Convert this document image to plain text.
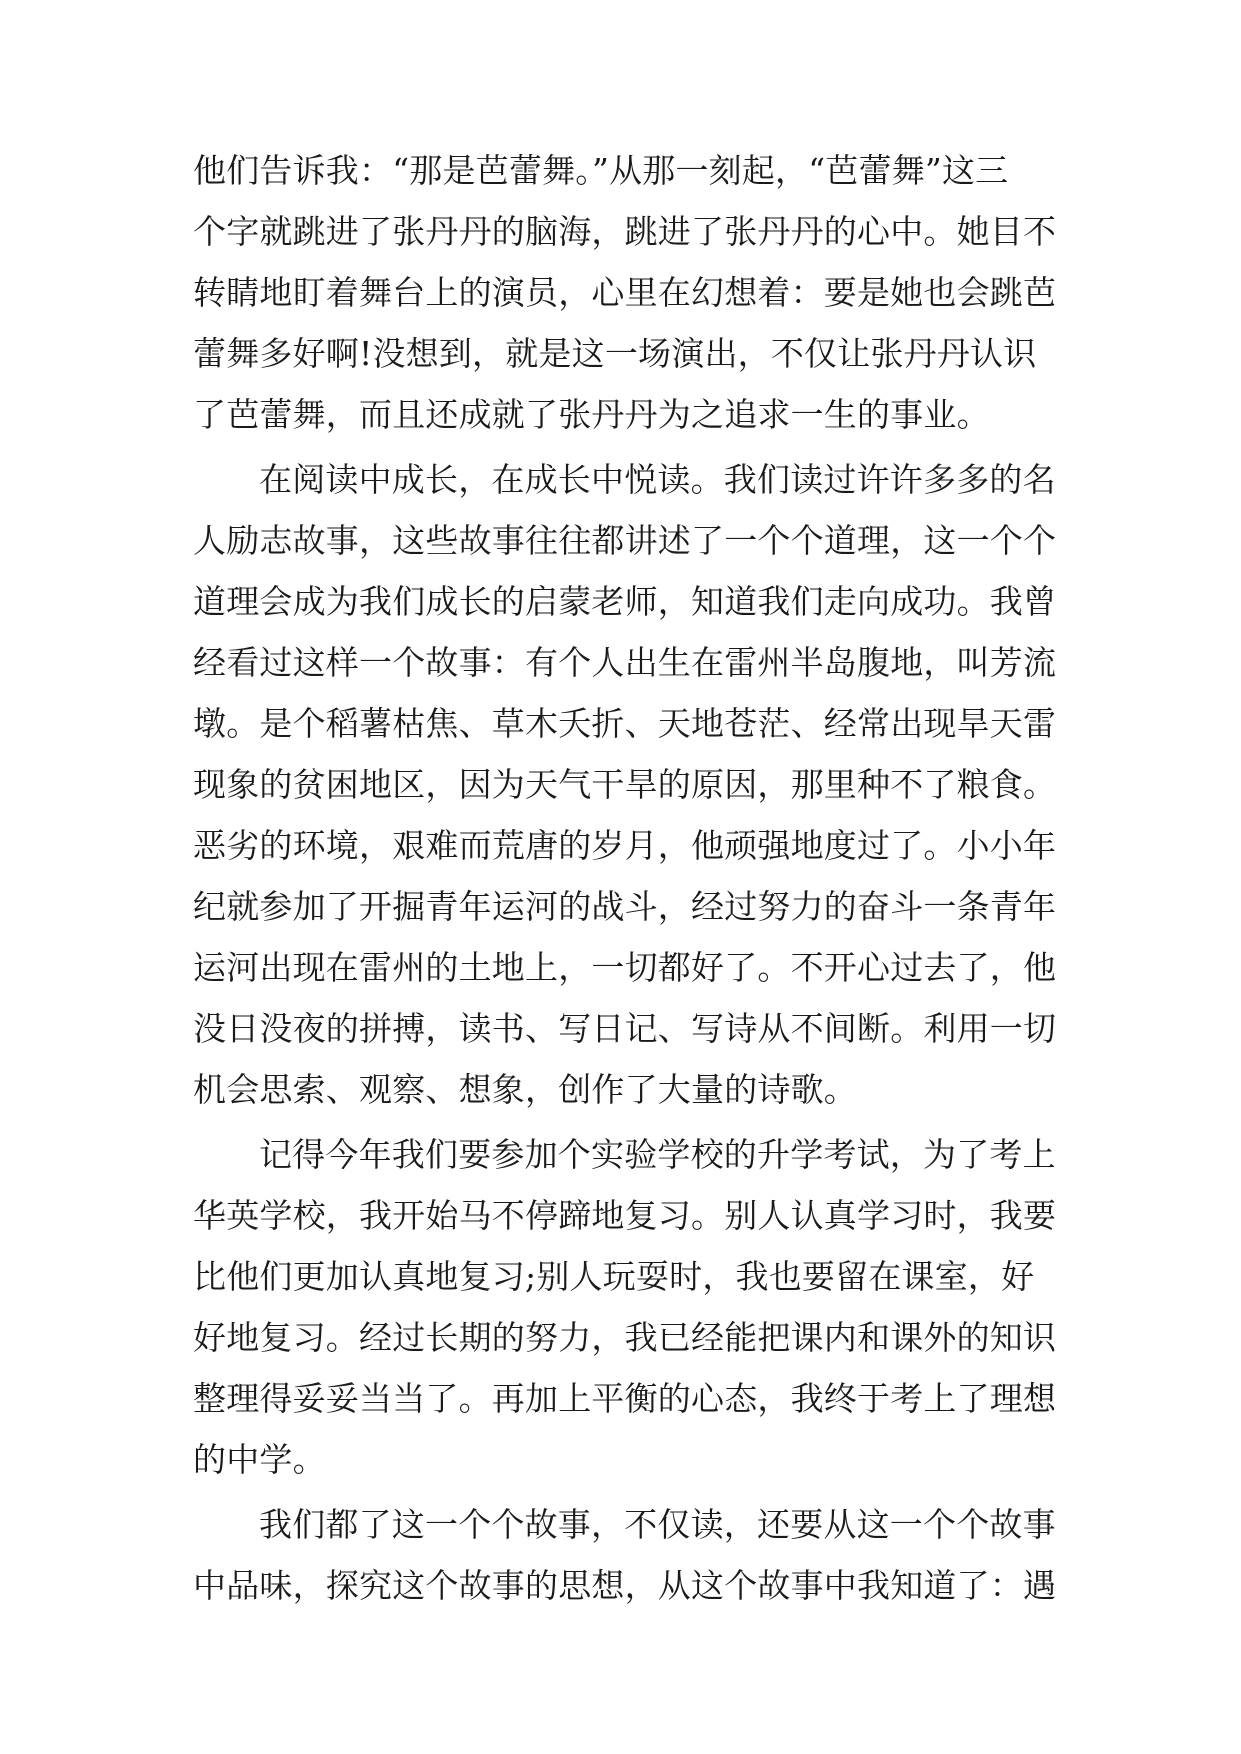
他们告诉我：“那是芭蕾舞。”从那一刻起，“芭蕾舞”这三
个字就跳进了张丹丹的脑海，跳进了张丹丹的心中。她目不
转睛地盯着舞台上的演员，心里在幻想着：要是她也会跳芭
蕾舞多好啊!没想到，就是这一场演出，不仅让张丹丹认识
了芭蕾舞，而且还成就了张丹丹为之追求一生的事业。
在阅读中成长，在成长中悦读。我们读过许许多多的名
人励志故事，这些故事往往都讲述了一个个道理，这一个个
道理会成为我们成长的启蒙老师，知道我们走向成功。我曾
经看过这样一个故事：有个人出生在雷州半岛腹地，叫芳流
墩。是个稻薯枯焦、草木夭折、天地苍茫、经常出现旱天雷
现象的贫困地区，因为天气干旱的原因，那里种不了粮食。
恶劣的环境，艰难而荒唐的岁月，他顽强地度过了。小小年
纪就参加了开掘青年运河的战斗，经过努力的奋斗一条青年
运河出现在雷州的土地上，一切都好了。不开心过去了，他
没日没夜的拼搏，读书、写日记、写诗从不间断。利用一切
机会思索、观察、想象，创作了大量的诗歌。
记得今年我们要参加个实验学校的升学考试，为了考上
华英学校，我开始马不停蹄地复习。别人认真学习时，我要
比他们更加认真地复习;别人玩耍时，我也要留在课室，好
好地复习。经过长期的努力，我已经能把课内和课外的知识
整理得妥妥当当了。再加上平衡的心态，我终于考上了理想
的中学。
我们都了这一个个故事，不仅读，还要从这一个个故事
中品味，探究这个故事的思想，从这个故事中我知道了：遇
